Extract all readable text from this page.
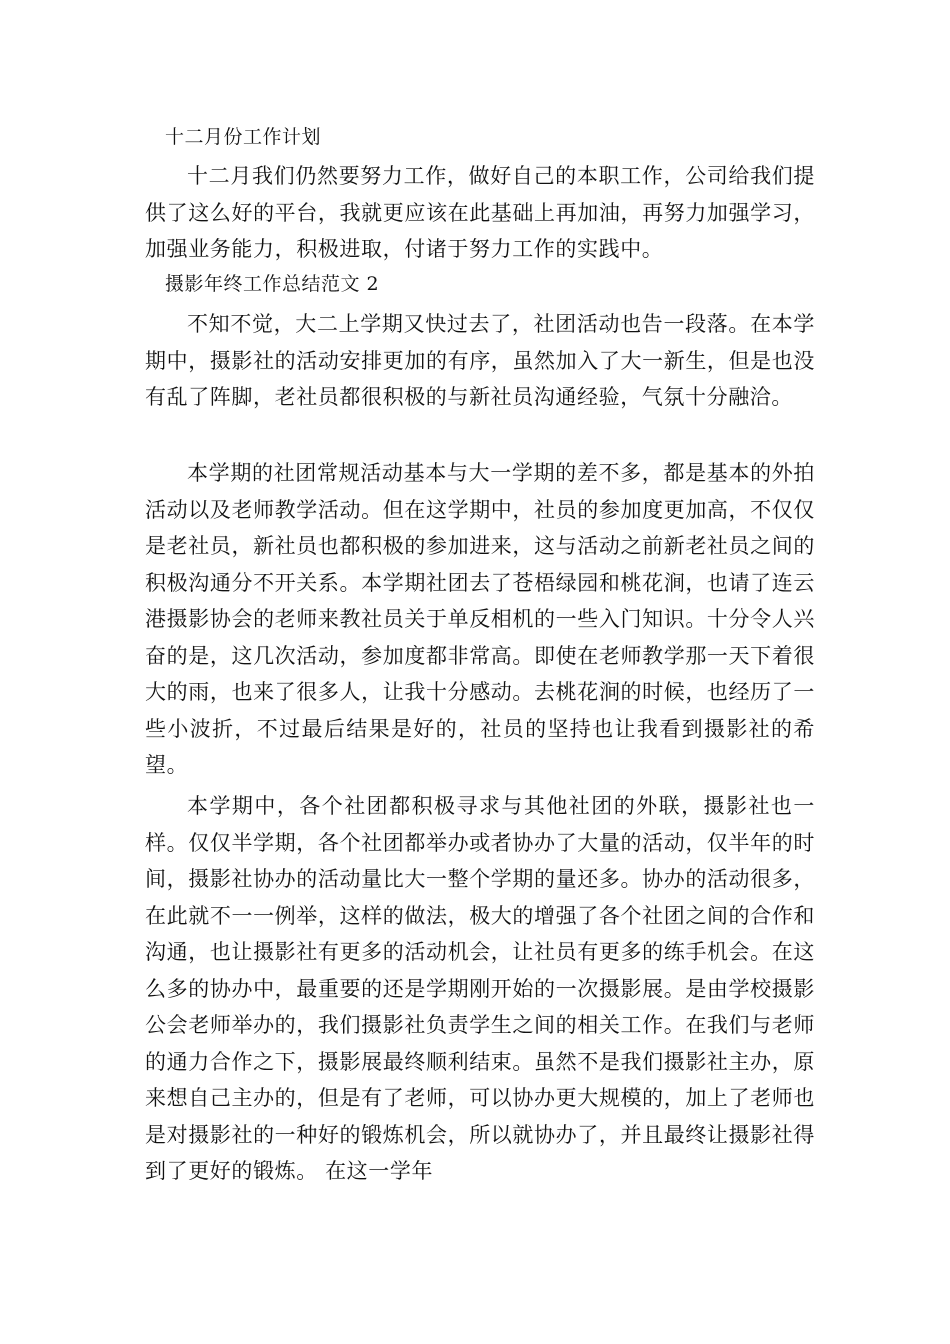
十二月份工作计划
十二月我们仍然要努力工作，做好自己的本职工作，公司给我们提供了这么好的平台，我就更应该在此基础上再加油，再努力加强学习，加强业务能力，积极进取，付诸于努力工作的实践中。
摄影年终工作总结范文 2
不知不觉，大二上学期又快过去了，社团活动也告一段落。在本学期中，摄影社的活动安排更加的有序，虽然加入了大一新生，但是也没有乱了阵脚，老社员都很积极的与新社员沟通经验，气氛十分融洽。
本学期的社团常规活动基本与大一学期的差不多，都是基本的外拍活动以及老师教学活动。但在这学期中，社员的参加度更加高，不仅仅是老社员，新社员也都积极的参加进来，这与活动之前新老社员之间的积极沟通分不开关系。本学期社团去了苍梧绿园和桃花涧，也请了连云港摄影协会的老师来教社员关于单反相机的一些入门知识。十分令人兴奋的是，这几次活动，参加度都非常高。即使在老师教学那一天下着很大的雨，也来了很多人，让我十分感动。去桃花涧的时候，也经历了一些小波折，不过最后结果是好的，社员的坚持也让我看到摄影社的希望。
本学期中，各个社团都积极寻求与其他社团的外联，摄影社也一样。仅仅半学期，各个社团都举办或者协办了大量的活动，仅半年的时间，摄影社协办的活动量比大一整个学期的量还多。协办的活动很多，在此就不一一例举，这样的做法，极大的增强了各个社团之间的合作和沟通，也让摄影社有更多的活动机会，让社员有更多的练手机会。在这么多的协办中，最重要的还是学期刚开始的一次摄影展。是由学校摄影公会老师举办的，我们摄影社负责学生之间的相关工作。在我们与老师的通力合作之下，摄影展最终顺利结束。虽然不是我们摄影社主办，原来想自己主办的，但是有了老师，可以协办更大规模的，加上了老师也是对摄影社的一种好的锻炼机会，所以就协办了，并且最终让摄影社得到了更好的锻炼。 在这一学年
